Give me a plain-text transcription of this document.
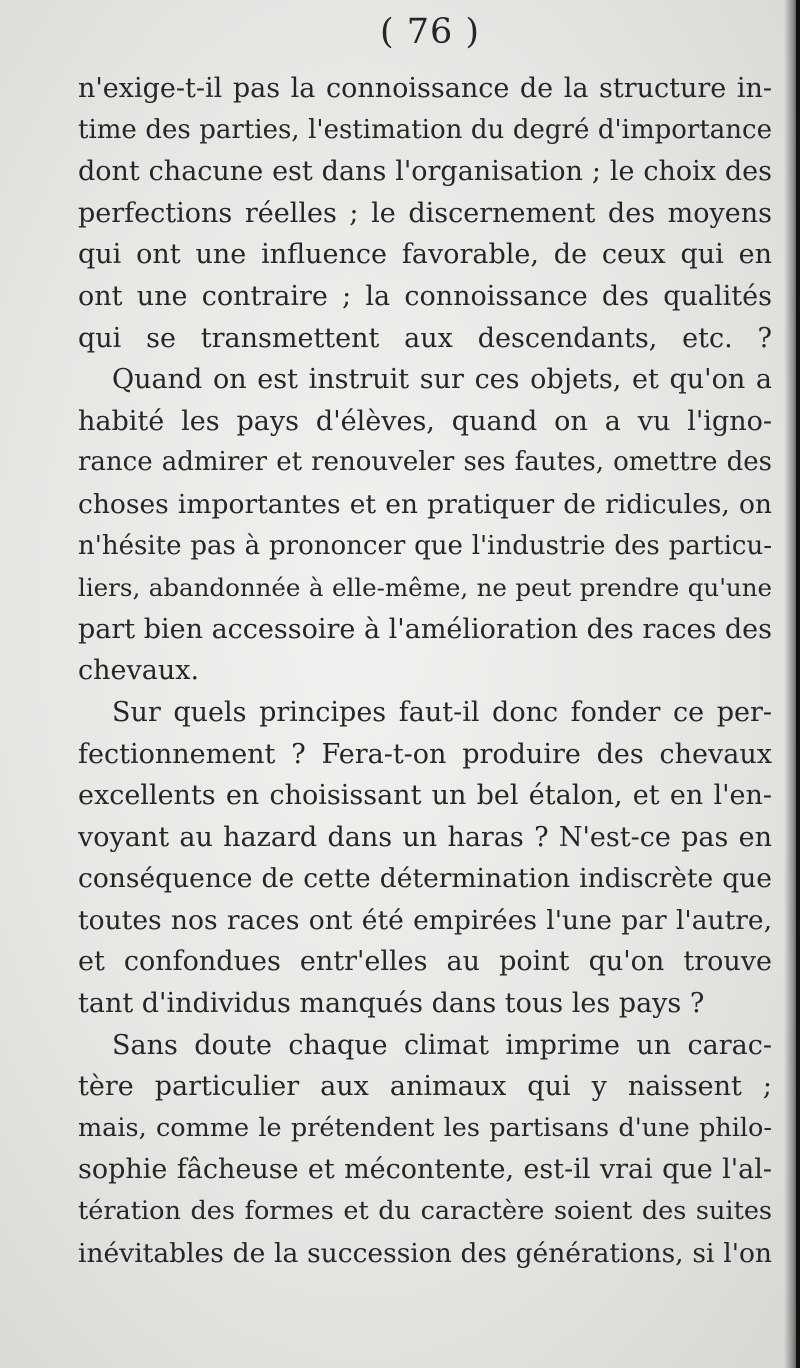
( 76 )
n'exige-t-il pas la connoissance de la structure in-
time des parties, l'estimation du degré d'importance
dont chacune est dans l'organisation ; le choix des
perfections réelles ; le discernement des moyens
qui ont une influence favorable, de ceux qui en
ont une contraire ; la connoissance des qualités
qui se transmettent aux descendants, etc. ?
Quand on est instruit sur ces objets, et qu'on a
habité les pays d'élèves, quand on a vu l'igno-
rance admirer et renouveler ses fautes, omettre des
choses importantes et en pratiquer de ridicules, on
n'hésite pas à prononcer que l'industrie des particu-
liers, abandonnée à elle-même, ne peut prendre qu'une
part bien accessoire à l'amélioration des races des
chevaux.
Sur quels principes faut-il donc fonder ce per-
fectionnement ? Fera-t-on produire des chevaux
excellents en choisissant un bel étalon, et en l'en-
voyant au hazard dans un haras ? N'est-ce pas en
conséquence de cette détermination indiscrète que
toutes nos races ont été empirées l'une par l'autre,
et confondues entr'elles au point qu'on trouve
tant d'individus manqués dans tous les pays ?
Sans doute chaque climat imprime un carac-
tère particulier aux animaux qui y naissent ;
mais, comme le prétendent les partisans d'une philo-
sophie fâcheuse et mécontente, est-il vrai que l'al-
tération des formes et du caractère soient des suites
inévitables de la succession des générations, si l'on
